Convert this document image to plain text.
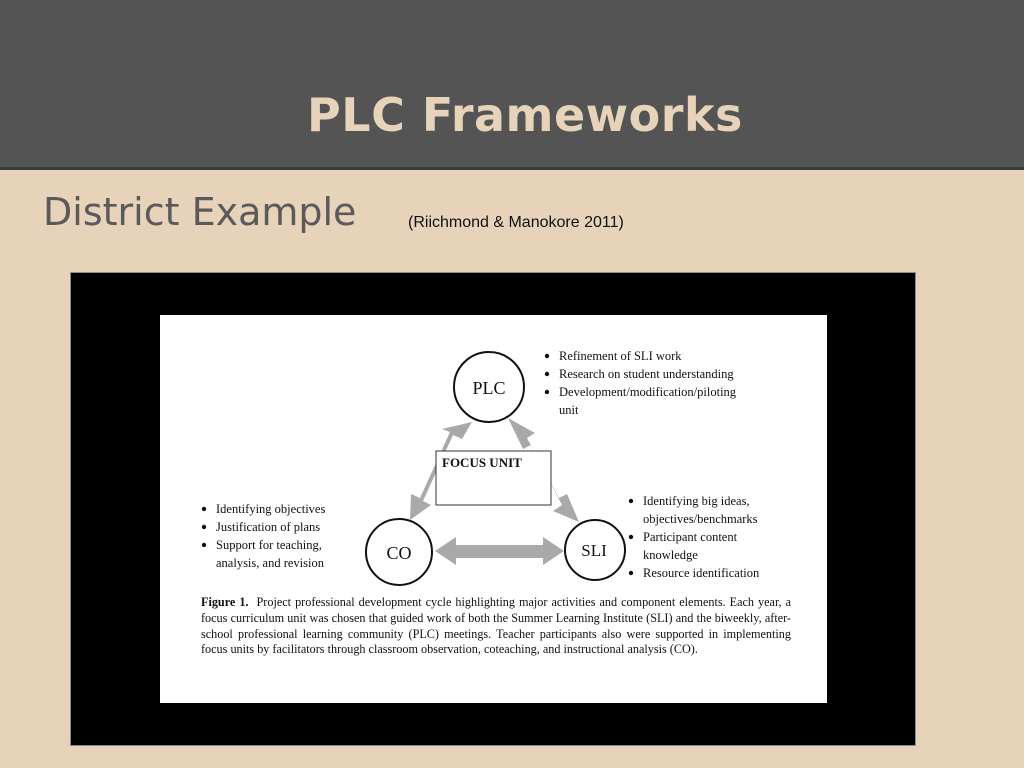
PLC Frameworks
District Example	(Riichmond & Manokore 2011)
PLC
CO	SLI
FOCUS UNIT
Refinement of SLI work
Research on student understanding
Development/modification/piloting
unit
Identifying objectives
Justification of plans
Support for teaching,
analysis, and revision
Identifying big ideas,
objectives/benchmarks
Participant content
knowledge
Resource identification
Figure 1. Project professional development cycle highlighting major activities and component elements. Each year, a focus curriculum unit was chosen that guided work of both the Summer Learning Institute (SLI) and the biweekly, after-school professional learning community (PLC) meetings. Teacher participants also were supported in implementing focus units by facilitators through classroom observation, coteaching, and instructional analysis (CO).
